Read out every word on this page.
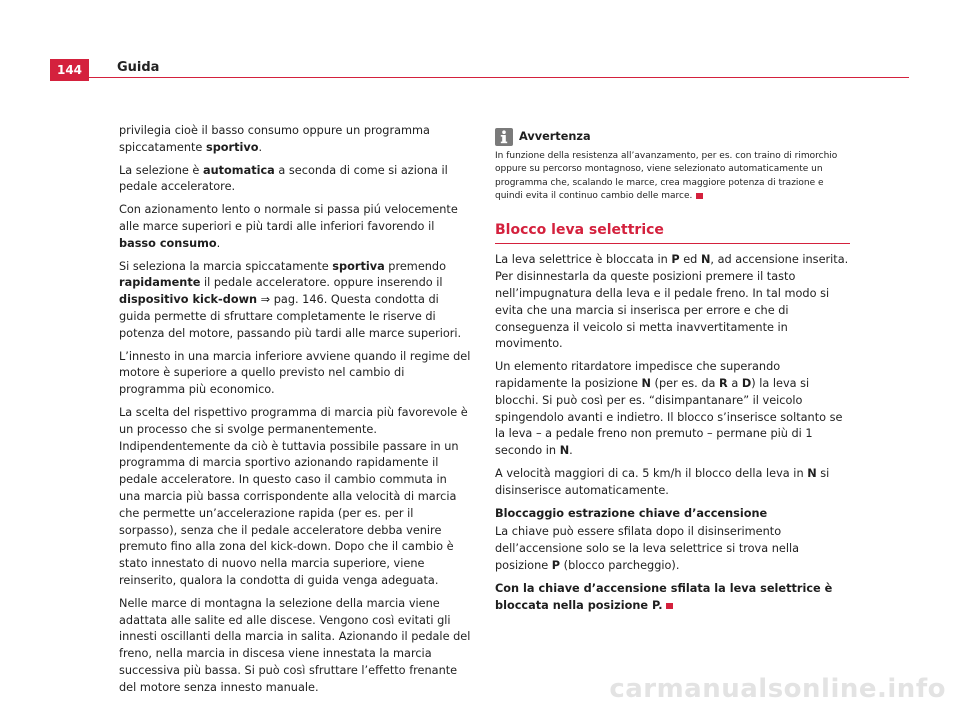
144	Guida

privilegia cioè il basso consumo oppure un programma spiccatamente sportivo.

La selezione è automatica a seconda di come si aziona il pedale acceleratore.

Con azionamento lento o normale si passa piú velocemente alle marce superiori e più tardi alle inferiori favorendo il basso consumo.

Si seleziona la marcia spiccatamente sportiva premendo rapidamente il pedale acceleratore. oppure inserendo il dispositivo kick-down ⇒ pag. 146. Questa condotta di guida permette di sfruttare completamente le riserve di potenza del motore, passando più tardi alle marce superiori.

L’innesto in una marcia inferiore avviene quando il regime del motore è superiore a quello previsto nel cambio di programma più economico.

La scelta del rispettivo programma di marcia più favorevole è un processo che si svolge permanentemente. Indipendentemente da ciò è tuttavia possibile passare in un programma di marcia sportivo azionando rapidamente il pedale acceleratore. In questo caso il cambio commuta in una marcia più bassa corrispondente alla velocità di marcia che permette un’accelerazione rapida (per es. per il sorpasso), senza che il pedale acceleratore debba venire premuto fino alla zona del kick-down. Dopo che il cambio è stato innestato di nuovo nella marcia superiore, viene reinserito, qualora la condotta di guida venga adeguata.

Nelle marce di montagna la selezione della marcia viene adattata alle salite ed alle discese. Vengono così evitati gli innesti oscillanti della marcia in salita. Azionando il pedale del freno, nella marcia in discesa viene innestata la marcia successiva più bassa. Si può così sfruttare l’effetto frenante del motore senza innesto manuale.

Avvertenza

In funzione della resistenza all’avanzamento, per es. con traino di rimorchio oppure su percorso montagnoso, viene selezionato automaticamente un programma che, scalando le marce, crea maggiore potenza di trazione e quindi evita il continuo cambio delle marce.

Blocco leva selettrice

La leva selettrice è bloccata in P ed N, ad accensione inserita. Per disinnestarla da queste posizioni premere il tasto nell’impugnatura della leva e il pedale freno. In tal modo si evita che una marcia si inserisca per errore e che di conseguenza il veicolo si metta inavvertitamente in movimento.

Un elemento ritardatore impedisce che superando rapidamente la posizione N (per es. da R a D) la leva si blocchi. Si può così per es. “disimpantanare” il veicolo spingendolo avanti e indietro. Il blocco s’inserisce soltanto se la leva – a pedale freno non premuto – permane più di 1 secondo in N.

A velocità maggiori di ca. 5 km/h il blocco della leva in N si disinserisce automaticamente.

Bloccaggio estrazione chiave d’accensione

La chiave può essere sfilata dopo il disinserimento dell’accensione solo se la leva selettrice si trova nella posizione P (blocco parcheggio).

Con la chiave d’accensione sfilata la leva selettrice è bloccata nella posizione P.

carmanualsonline.info
